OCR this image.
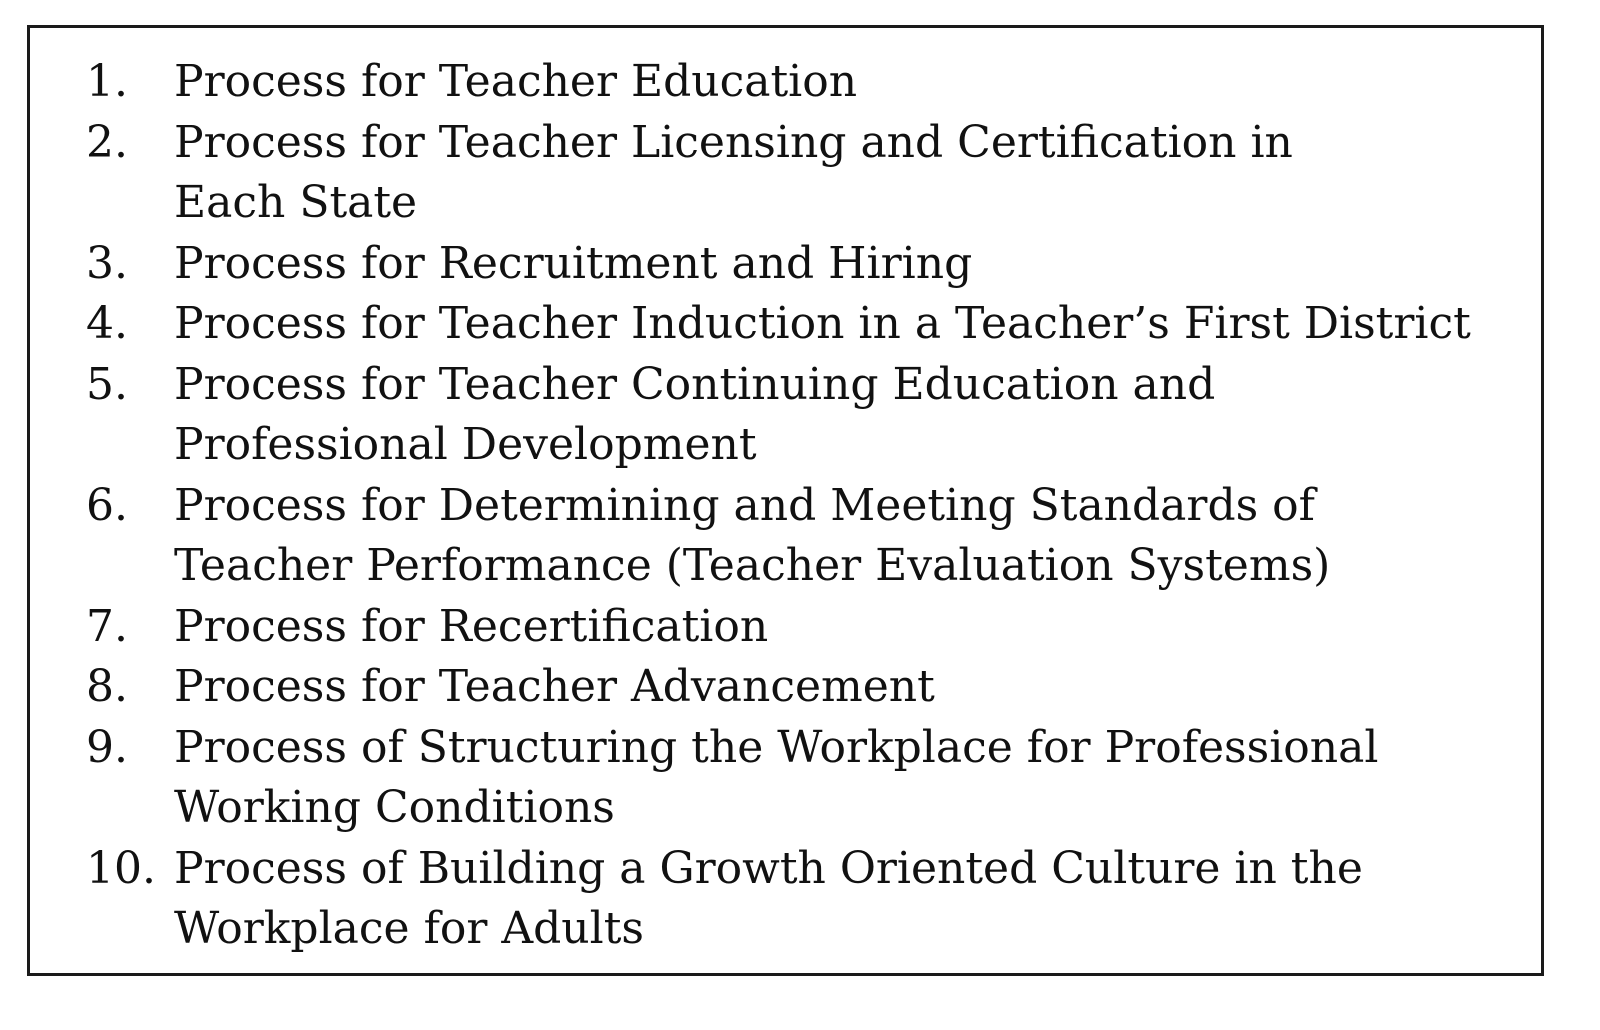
1.	Process for Teacher Education
2.	Process for Teacher Licensing and Certification in Each State
3.	Process for Recruitment and Hiring
4.	Process for Teacher Induction in a Teacher’s First District
5.	Process for Teacher Continuing Education and Professional Development
6.	Process for Determining and Meeting Standards of Teacher Performance (Teacher Evaluation Systems)
7.	Process for Recertification
8.	Process for Teacher Advancement
9.	Process of Structuring the Workplace for Professional Working Conditions
10. Process of Building a Growth Oriented Culture in the Workplace for Adults
